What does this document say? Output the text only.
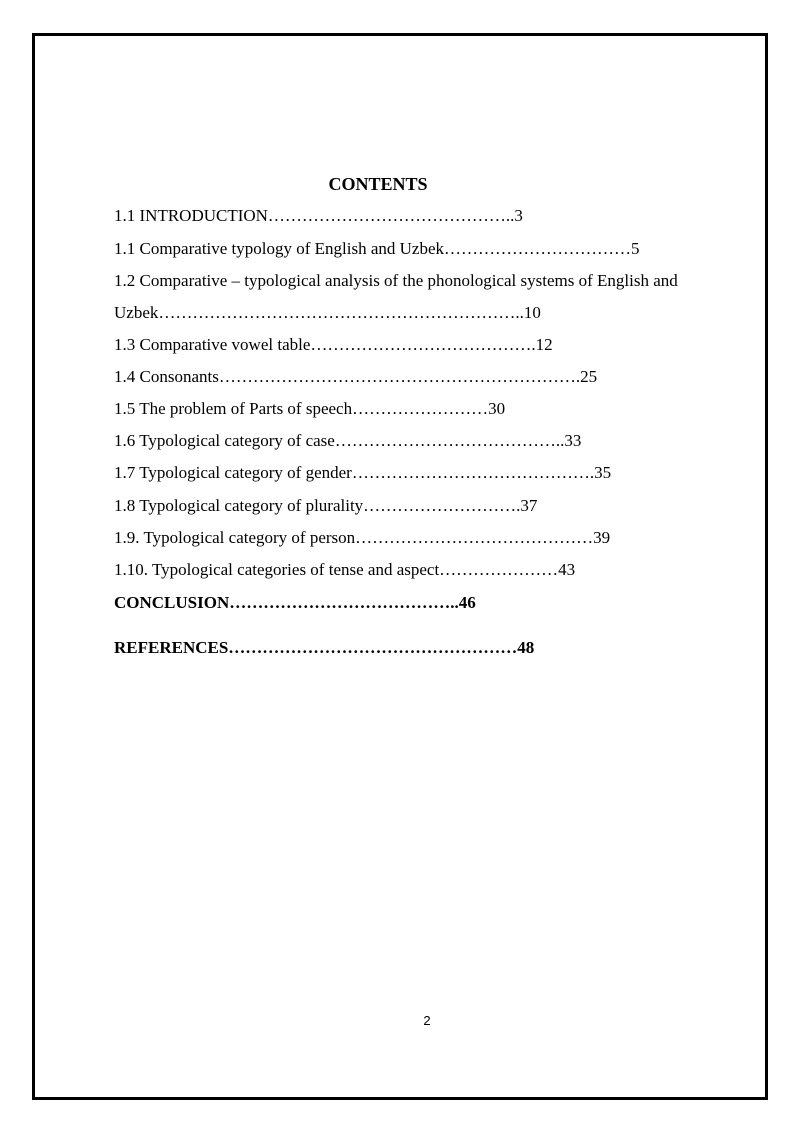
CONTENTS
1.1 INTRODUCTION……………………………………..3
1.1 Comparative typology of English and Uzbek……………………………5
1.2 Comparative – typological analysis of the phonological systems of English and
Uzbek………………………………………………………..10
1.3 Comparative vowel table………………………………….12
1.4 Consonants……………………………………………………….25
1.5 The problem of Parts of speech……………………30
1.6 Typological category of case…………………………………..33
1.7 Typological category of gender…………………………………….35
1.8 Typological category of plurality……………………….37
1.9. Typological category of person……………………………………39
1.10. Typological categories of tense and aspect…………………43
CONCLUSION…………………………………..46
REFERENCES……………………………………………48
2
